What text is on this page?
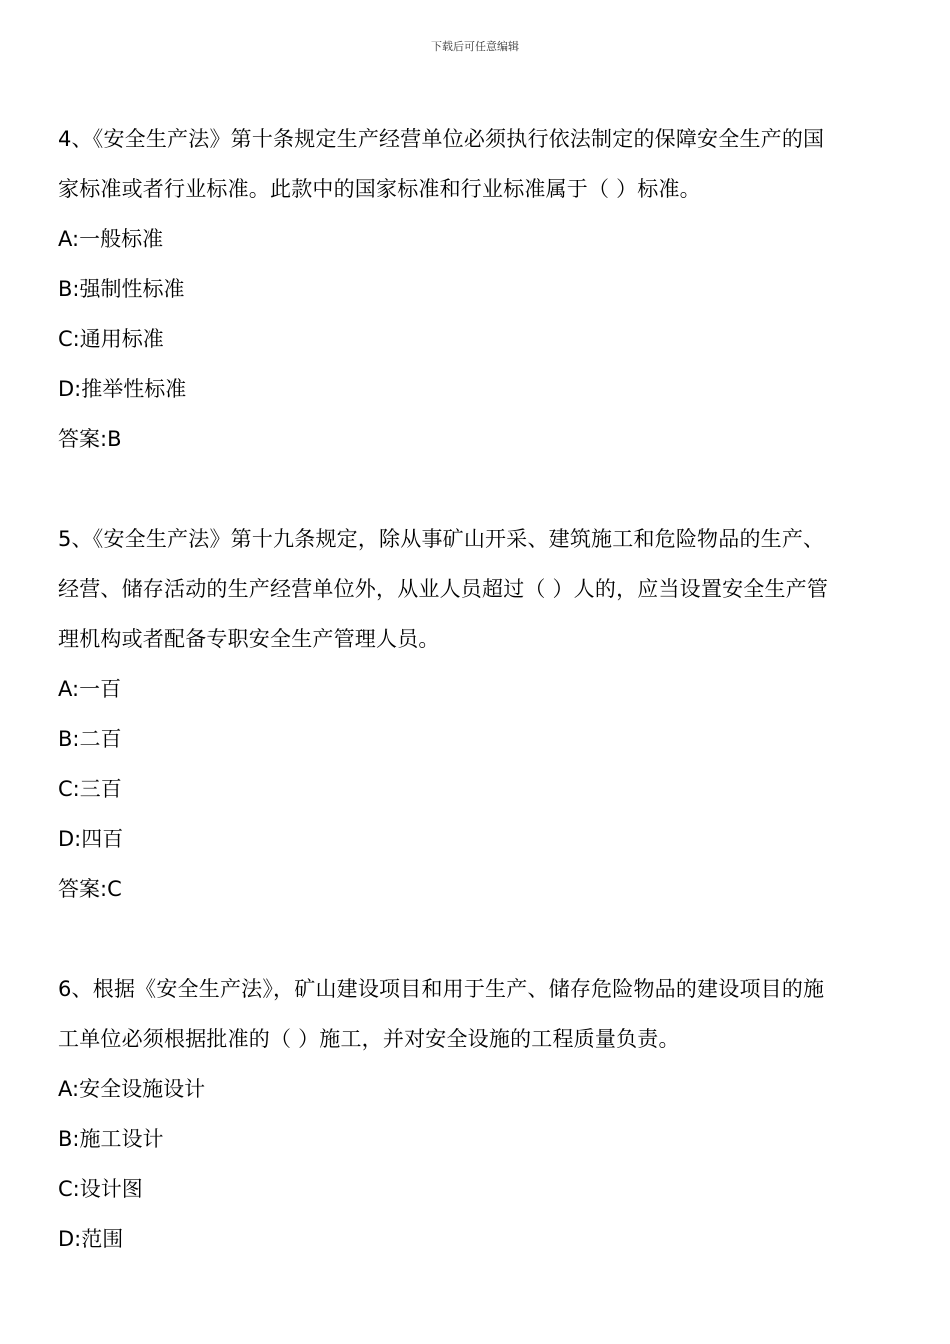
下载后可任意编辑
4、《安全生产法》第十条规定生产经营单位必须执行依法制定的保障安全生产的国
家标准或者行业标准。此款中的国家标准和行业标准属于（ ）标准。
A:一般标准
B:强制性标准
C:通用标准
D:推举性标准
答案:B
5、《安全生产法》第十九条规定，除从事矿山开采、建筑施工和危险物品的生产、
经营、储存活动的生产经营单位外，从业人员超过（ ）人的，应当设置安全生产管
理机构或者配备专职安全生产管理人员。
A:一百
B:二百
C:三百
D:四百
答案:C
6、根据《安全生产法》，矿山建设项目和用于生产、储存危险物品的建设项目的施
工单位必须根据批准的（ ）施工，并对安全设施的工程质量负责。
A:安全设施设计
B:施工设计
C:设计图
D:范围
